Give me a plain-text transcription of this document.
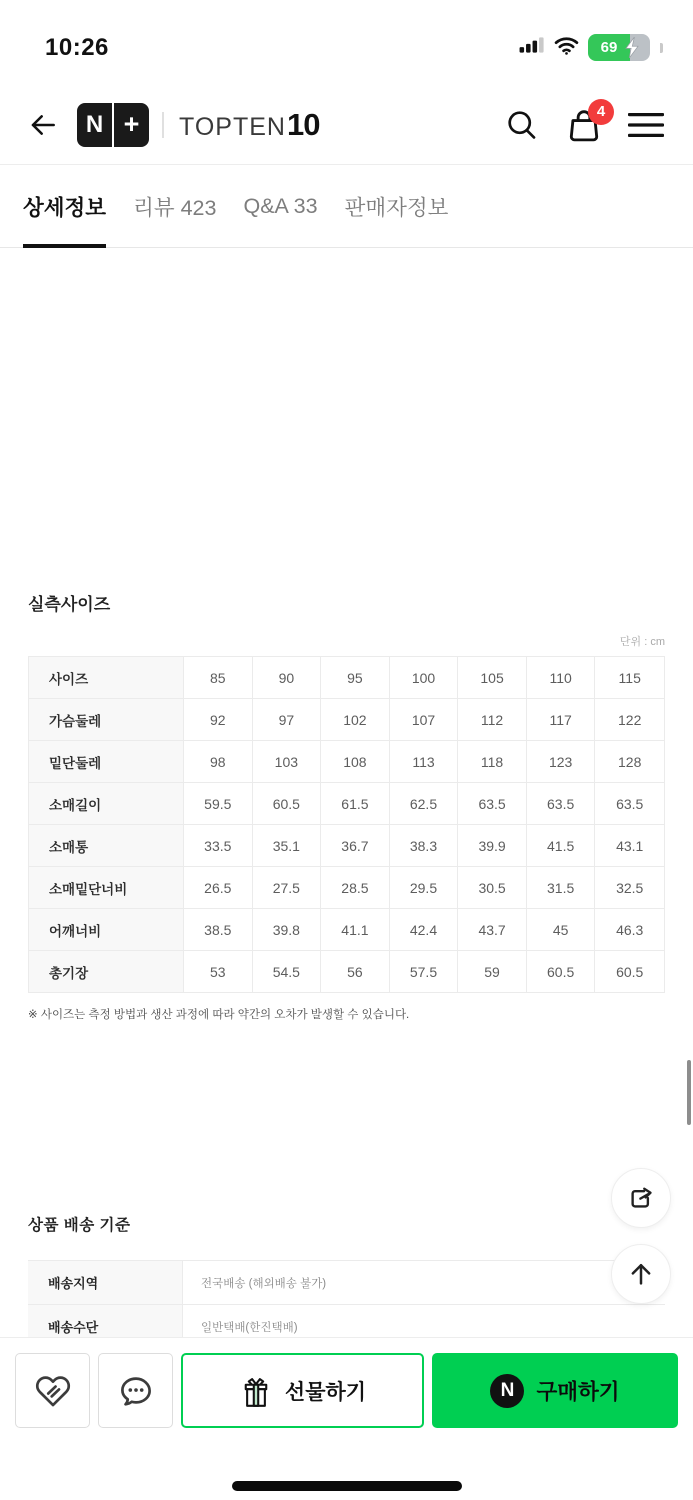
10:26	69
N +	TOPTEN 10	4
상세정보 리뷰 423 Q&A 33 판매자정보
실측사이즈
단위 : cm
사이즈	85	90	95	100	105	110	115
가슴둘레	92	97	102	107	112	117	122
밑단둘레	98	103	108	113	118	123	128
소매길이	59.5	60.5	61.5	62.5	63.5	63.5	63.5
소매통	33.5	35.1	36.7	38.3	39.9	41.5	43.1
소매밑단너비	26.5	27.5	28.5	29.5	30.5	31.5	32.5
어깨너비	38.5	39.8	41.1	42.4	43.7	45	46.3
총기장	53	54.5	56	57.5	59	60.5	60.5
※ 사이즈는 측정 방법과 생산 과정에 따라 약간의 오차가 발생할 수 있습니다.
상품 배송 기준
배송지역	전국배송 (해외배송 불가)
배송수단	일반택배(한진택배)
선물하기	N	구매하기
